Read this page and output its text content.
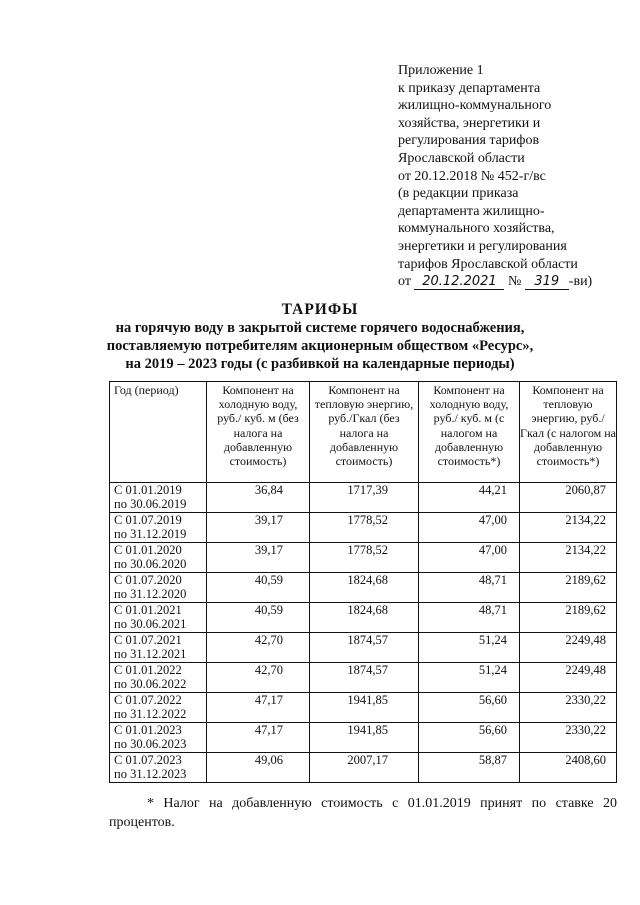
Приложение 1
к приказу департамента
жилищно-коммунального
хозяйства, энергетики и
регулирования тарифов
Ярославской области
от 20.12.2018 № 452-г/вс
(в редакции приказа
департамента жилищно-
коммунального хозяйства,
энергетики и регулирования
тарифов Ярославской области
от 20.12.2021 № 319 -ви)
ТАРИФЫ
на горячую воду в закрытой системе горячего водоснабжения,
поставляемую потребителям акционерным обществом «Ресурс»,
на 2019 – 2023 годы (с разбивкой на календарные периоды)
Год (период)	Компонент на холодную воду, руб./ куб. м (без налога на добавленную стоимость)	Компонент на тепловую энергию, руб./Гкал (без налога на добавленную стоимость)	Компонент на холодную воду, руб./ куб. м (с налогом на добавленную стоимость*)	Компонент на тепловую энергию, руб./Гкал (с налогом на добавленную стоимость*)

С 01.01.2019
по 30.06.2019	36,84	1717,39	44,21	2060,87

С 01.07.2019
по 31.12.2019	39,17	1778,52	47,00	2134,22

С 01.01.2020
по 30.06.2020	39,17	1778,52	47,00	2134,22

С 01.07.2020
по 31.12.2020	40,59	1824,68	48,71	2189,62

С 01.01.2021
по 30.06.2021	40,59	1824,68	48,71	2189,62

С 01.07.2021
по 31.12.2021	42,70	1874,57	51,24	2249,48

С 01.01.2022
по 30.06.2022	42,70	1874,57	51,24	2249,48

С 01.07.2022
по 31.12.2022	47,17	1941,85	56,60	2330,22

С 01.01.2023
по 30.06.2023	47,17	1941,85	56,60	2330,22

С 01.07.2023
по 31.12.2023	49,06	2007,17	58,87	2408,60
* Налог на добавленную стоимость с 01.01.2019 принят по ставке 20 процентов.
